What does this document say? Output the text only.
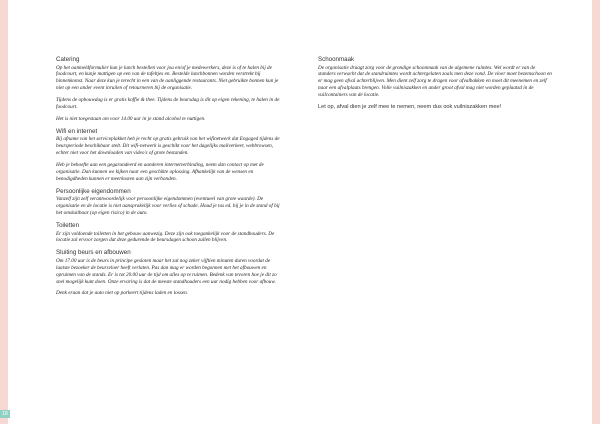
Catering

Op het aanmeldformulier kun je lunch bestellen voor jou en/of je medewerkers, deze is of te halen bij de foodcourt, en kunje mattigen op een van de tafeltjes en. Bestelde lunchbonnen worden verstrekt bij binnenkomst. Naar deze kun je terecht in een van de aanliggende restaurants. Niet gebruikte bonnen kun je niet op een ander event inruilen of retourneren bij de organisatie.

Tijdens de opbouwdag is er gratis koffie & thee. Tijdens de beursdag is dit op eigen rekening, te halen in de foodcourt.

Het is niet toegestaan om voor 14.00 uur in je stand alcohol te nuttigen.

Wifi en internet

Bij afname van het serviceplakket heb je recht op gratis gebruik van het wifinetwerk dat Engaged tijdens de beursperiode beschikbaar stelt. Dit wifi-netwerk is geschikt voor het dagelijks mailverkeer, webbrowsen, echter niet voor het downloaden van video's of grote bestanden.

Heb je behoefte aan een gegarandeerd en aanderen internetverbinding, neem dan contact op met de organisatie. Dan kunnen we kijken naar een geschikte oplossing. Afhankelijk van de wensen en benodigdheden kunnen er meerkosten aan zijn verbonden.

Persoonlijke eigendommen

Vanzelf zijn zelf verantwoordelijk voor persoonlijke eigendommen (eventueel van grote waarde). De organisatie en de locatie is niet aansprakelijk voor verlies of schade. Houd je tas ed. bij je in de stand of bij het omsluitbaar (op eigen risico) in de auto.

Toiletten

Er zijn voldoende toiletten in het gebouw aanwezig. Deze zijn ook toegankelijk voor de standhouders. De locatie zal ervoor zorgen dat deze gedurende de beursdagen schoon zullen blijven.

Sluiting beurs en afbouwen

Om 17.00 uur is de beurs in principe gesloten maar het zal nog zeker vijftien minuten duren voordat de laatste bezoeker de beursvloer heeft verlaten. Pas dan mag er worden begonnen met het afbouwen en opruimen van de stands. Er is tot 20.00 uur de tijd om alles op te ruimen. Bedenk van tevoren hoe je dit zo snel mogelijk kunt doen. Onze ervaring is dat de meeste standhouders een uur nodig hebben voor afbouw.

Denk eraan dat je auto niet op parkeert tijdens laden en lossen.

Schoonmaak

De organisatie draagt zorg voor de grondige schoonmaak van de algemene ruimtes. Wel wordt er van de standers verwacht dat de standruimtes wordt achtergelaten zoals men deze vond. De vloer moet bezemschoon en er mag geen afval achterblijven. Men dient zelf zorg te dragen voor afvalbakken en moet dit meenemen en zelf naar een afvalplaats brengen. Volle vuilniszakken en ander groot afval mag niet worden geplaatsd in de vuilcontainers van de locatie.

Let op, afval dien je zelf mee te nemen, neem dus ook vuilniszakken mee!

18
